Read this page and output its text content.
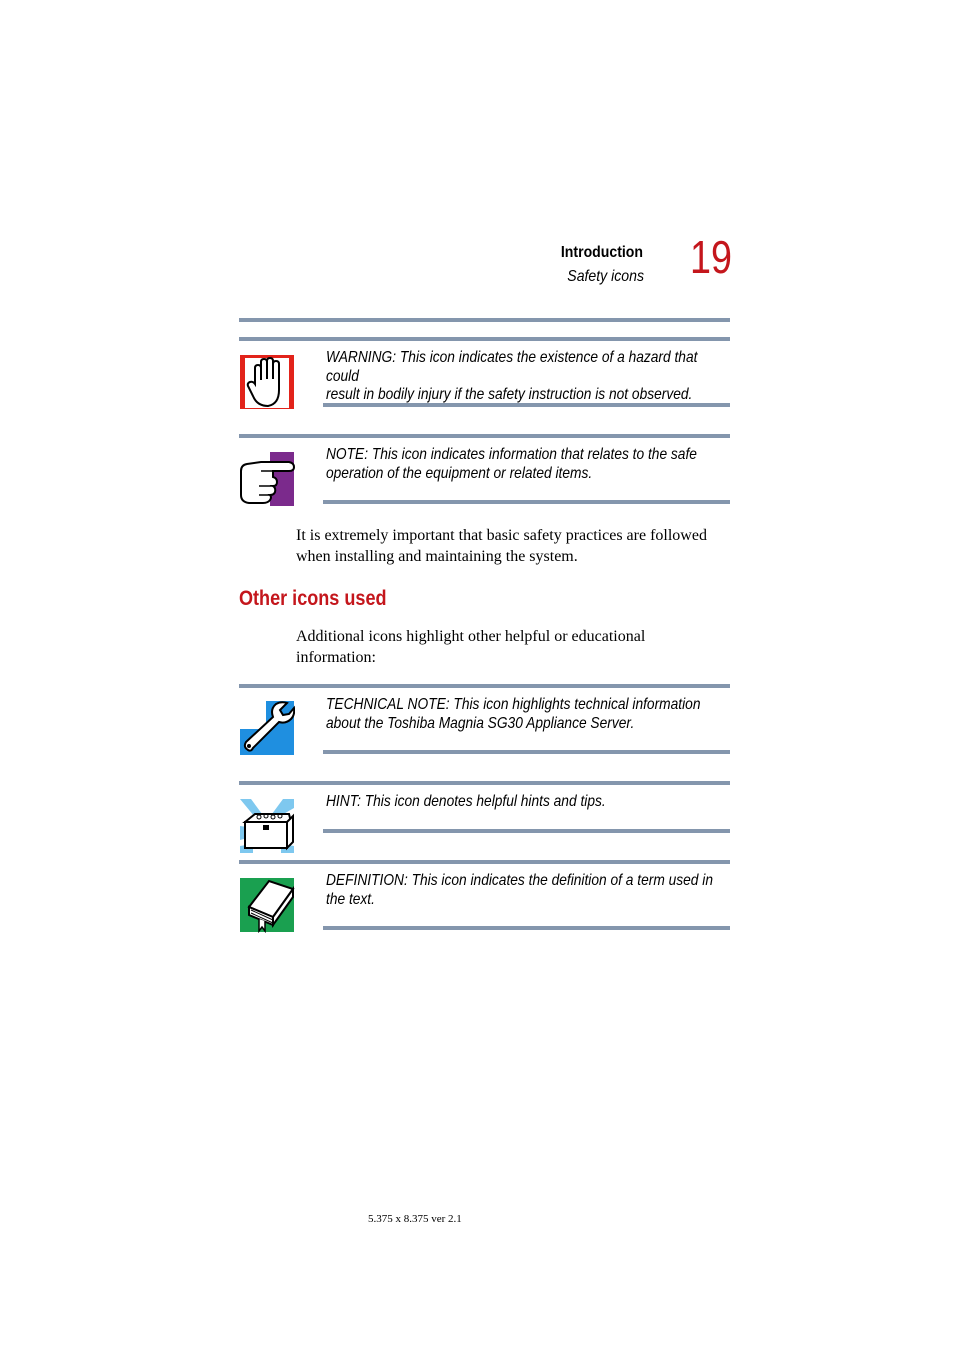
Introduction
Safety icons 19
WARNING: This icon indicates the existence of a hazard that could
result in bodily injury if the safety instruction is not observed.
NOTE: This icon indicates information that relates to the safe
operation of the equipment or related items.
It is extremely important that basic safety practices are followed when installing and maintaining the system.
Other icons used
Additional icons highlight other helpful or educational information:
TECHNICAL NOTE: This icon highlights technical information
about the Toshiba Magnia SG30 Appliance Server.
HINT: This icon denotes helpful hints and tips.
DEFINITION: This icon indicates the definition of a term used in
the text.
5.375 x 8.375 ver 2.1
